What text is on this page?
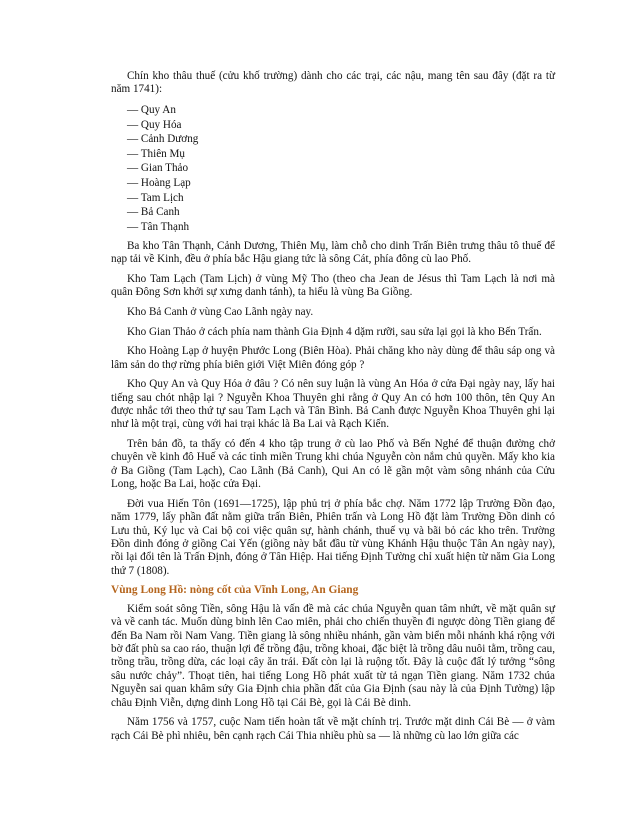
Chín kho thâu thuế (cửu khố trường) dành cho các trại, các nậu, mang tên sau đây (đặt ra từ năm 1741):

— Quy An
— Quy Hóa
— Cảnh Dương
— Thiên Mụ
— Gian Thảo
— Hoàng Lạp
— Tam Lịch
— Bả Canh
— Tân Thạnh

Ba kho Tân Thạnh, Cảnh Dương, Thiên Mụ, làm chỗ cho dinh Trấn Biên trưng thâu tô thuế để nạp tải về Kinh, đều ở phía bắc Hậu giang tức là sông Cát, phía đông cù lao Phố.

Kho Tam Lạch (Tam Lịch) ở vùng Mỹ Tho (theo cha Jean de Jésus thì Tam Lạch là nơi mà quân Đông Sơn khởi sự xưng danh tánh), ta hiểu là vùng Ba Giồng.

Kho Bả Canh ở vùng Cao Lãnh ngày nay.

Kho Gian Thảo ở cách phía nam thành Gia Định 4 dặm rưỡi, sau sửa lại gọi là kho Bến Trấn.

Kho Hoàng Lạp ở huyện Phước Long (Biên Hòa). Phải chăng kho này dùng để thâu sáp ong và lâm sản do thợ rừng phía biên giới Việt Miên đóng góp ?

Kho Quy An và Quy Hóa ở đâu ? Có nên suy luận là vùng An Hóa ở cửa Đại ngày nay, lấy hai tiếng sau chót nhập lại ? Nguyễn Khoa Thuyên ghi rằng ở Quy An có hơn 100 thôn, tên Quy An được nhắc tới theo thứ tự sau Tam Lạch và Tân Bình. Bả Canh được Nguyễn Khoa Thuyên ghi lại như là một trại, cùng với hai trại khác là Ba Lai và Rạch Kiến.

Trên bản đồ, ta thấy có đến 4 kho tập trung ở cù lao Phố và Bến Nghé để thuận đường chở chuyên về kinh đô Huế và các tỉnh miền Trung khi chúa Nguyễn còn nắm chủ quyền. Mấy kho kia ở Ba Giồng (Tam Lạch), Cao Lãnh (Bả Canh), Qui An có lẽ gần một vàm sông nhánh của Cửu Long, hoặc Ba Lai, hoặc cửa Đại.

Đời vua Hiến Tôn (1691—1725), lập phủ trị ở phía bắc chợ. Năm 1772 lập Trường Đồn đạo, năm 1779, lấy phần đất nằm giữa trấn Biên, Phiên trấn và Long Hồ đặt làm Trường Đồn dinh có Lưu thủ, Ký lục và Cai bộ coi việc quân sự, hành chánh, thuế vụ và bãi bỏ các kho trên. Trường Đồn dinh đóng ở giồng Cai Yến (giồng này bắt đầu từ vùng Khánh Hậu thuộc Tân An ngày nay), rồi lại đổi tên là Trấn Định, đóng ở Tân Hiệp. Hai tiếng Định Tường chỉ xuất hiện từ năm Gia Long thứ 7 (1808).

Vùng Long Hồ: nòng cốt của Vĩnh Long, An Giang

Kiểm soát sông Tiền, sông Hậu là vấn đề mà các chúa Nguyễn quan tâm nhứt, về mặt quân sự và về canh tác. Muốn dùng binh lên Cao miên, phải cho chiến thuyền đi ngược dòng Tiền giang để đến Ba Nam rồi Nam Vang. Tiền giang là sông nhiều nhánh, gần vàm biển mỗi nhánh khá rộng với bờ đất phù sa cao ráo, thuận lợi để trồng đậu, trồng khoai, đặc biệt là trồng dâu nuôi tằm, trồng cau, trồng trầu, trồng dừa, các loại cây ăn trái. Đất còn lại là ruộng tốt. Đây là cuộc đất lý tưởng “sông sâu nước chảy”. Thoạt tiên, hai tiếng Long Hồ phát xuất từ tả ngạn Tiền giang. Năm 1732 chúa Nguyễn sai quan khâm sứy Gia Định chia phần đất của Gia Định (sau này là của Định Tường) lập châu Định Viễn, dựng dinh Long Hồ tại Cái Bè, gọi là Cái Bè dinh.

Năm 1756 và 1757, cuộc Nam tiến hoàn tất về mặt chính trị. Trước mặt dinh Cái Bè — ở vàm rạch Cái Bè phì nhiêu, bên cạnh rạch Cái Thia nhiều phù sa — là những cù lao lớn giữa các
